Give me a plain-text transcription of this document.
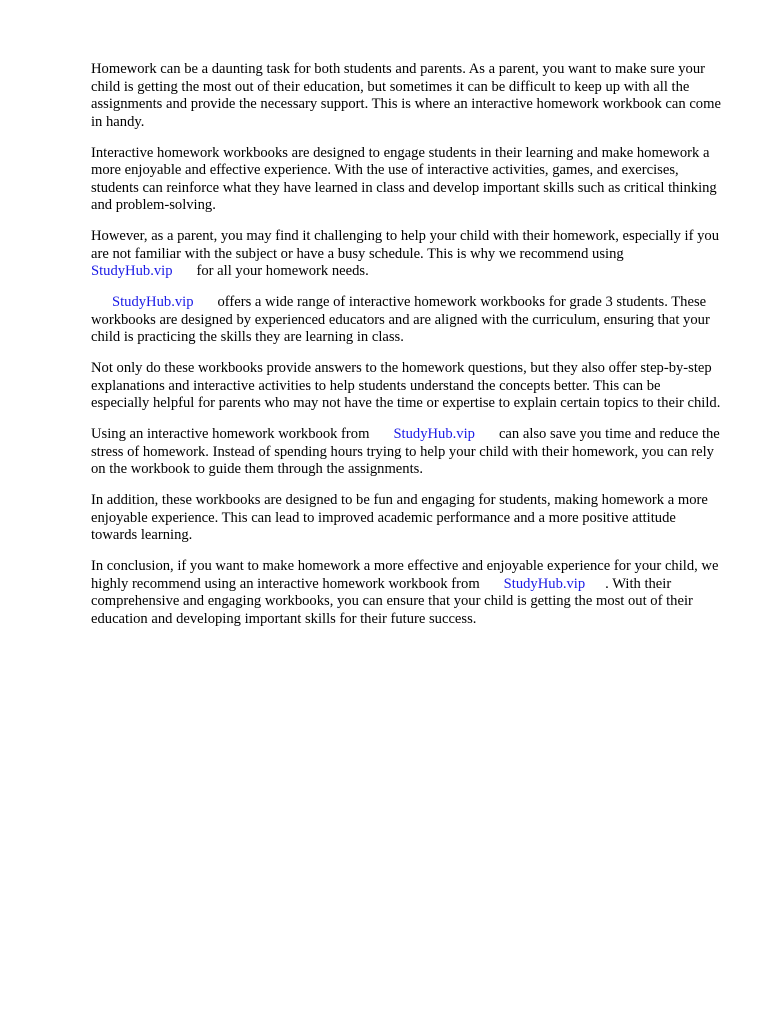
Homework can be a daunting task for both students and parents. As a parent, you want to make sure your child is getting the most out of their education, but sometimes it can be difficult to keep up with all the assignments and provide the necessary support. This is where an interactive homework workbook can come in handy.

Interactive homework workbooks are designed to engage students in their learning and make homework a more enjoyable and effective experience. With the use of interactive activities, games, and exercises, students can reinforce what they have learned in class and develop important skills such as critical thinking and problem-solving.

However, as a parent, you may find it challenging to help your child with their homework, especially if you are not familiar with the subject or have a busy schedule. This is why we recommend using
StudyHub.vip for all your homework needs.

StudyHub.vip offers a wide range of interactive homework workbooks for grade 3 students. These workbooks are designed by experienced educators and are aligned with the curriculum, ensuring that your child is practicing the skills they are learning in class.

Not only do these workbooks provide answers to the homework questions, but they also offer step-by-step explanations and interactive activities to help students understand the concepts better. This can be especially helpful for parents who may not have the time or expertise to explain certain topics to their child.

Using an interactive homework workbook from StudyHub.vip can also save you time and reduce the stress of homework. Instead of spending hours trying to help your child with their homework, you can rely on the workbook to guide them through the assignments.

In addition, these workbooks are designed to be fun and engaging for students, making homework a more enjoyable experience. This can lead to improved academic performance and a more positive attitude towards learning.

In conclusion, if you want to make homework a more effective and enjoyable experience for your child, we highly recommend using an interactive homework workbook from StudyHub.vip . With their comprehensive and engaging workbooks, you can ensure that your child is getting the most out of their education and developing important skills for their future success.
